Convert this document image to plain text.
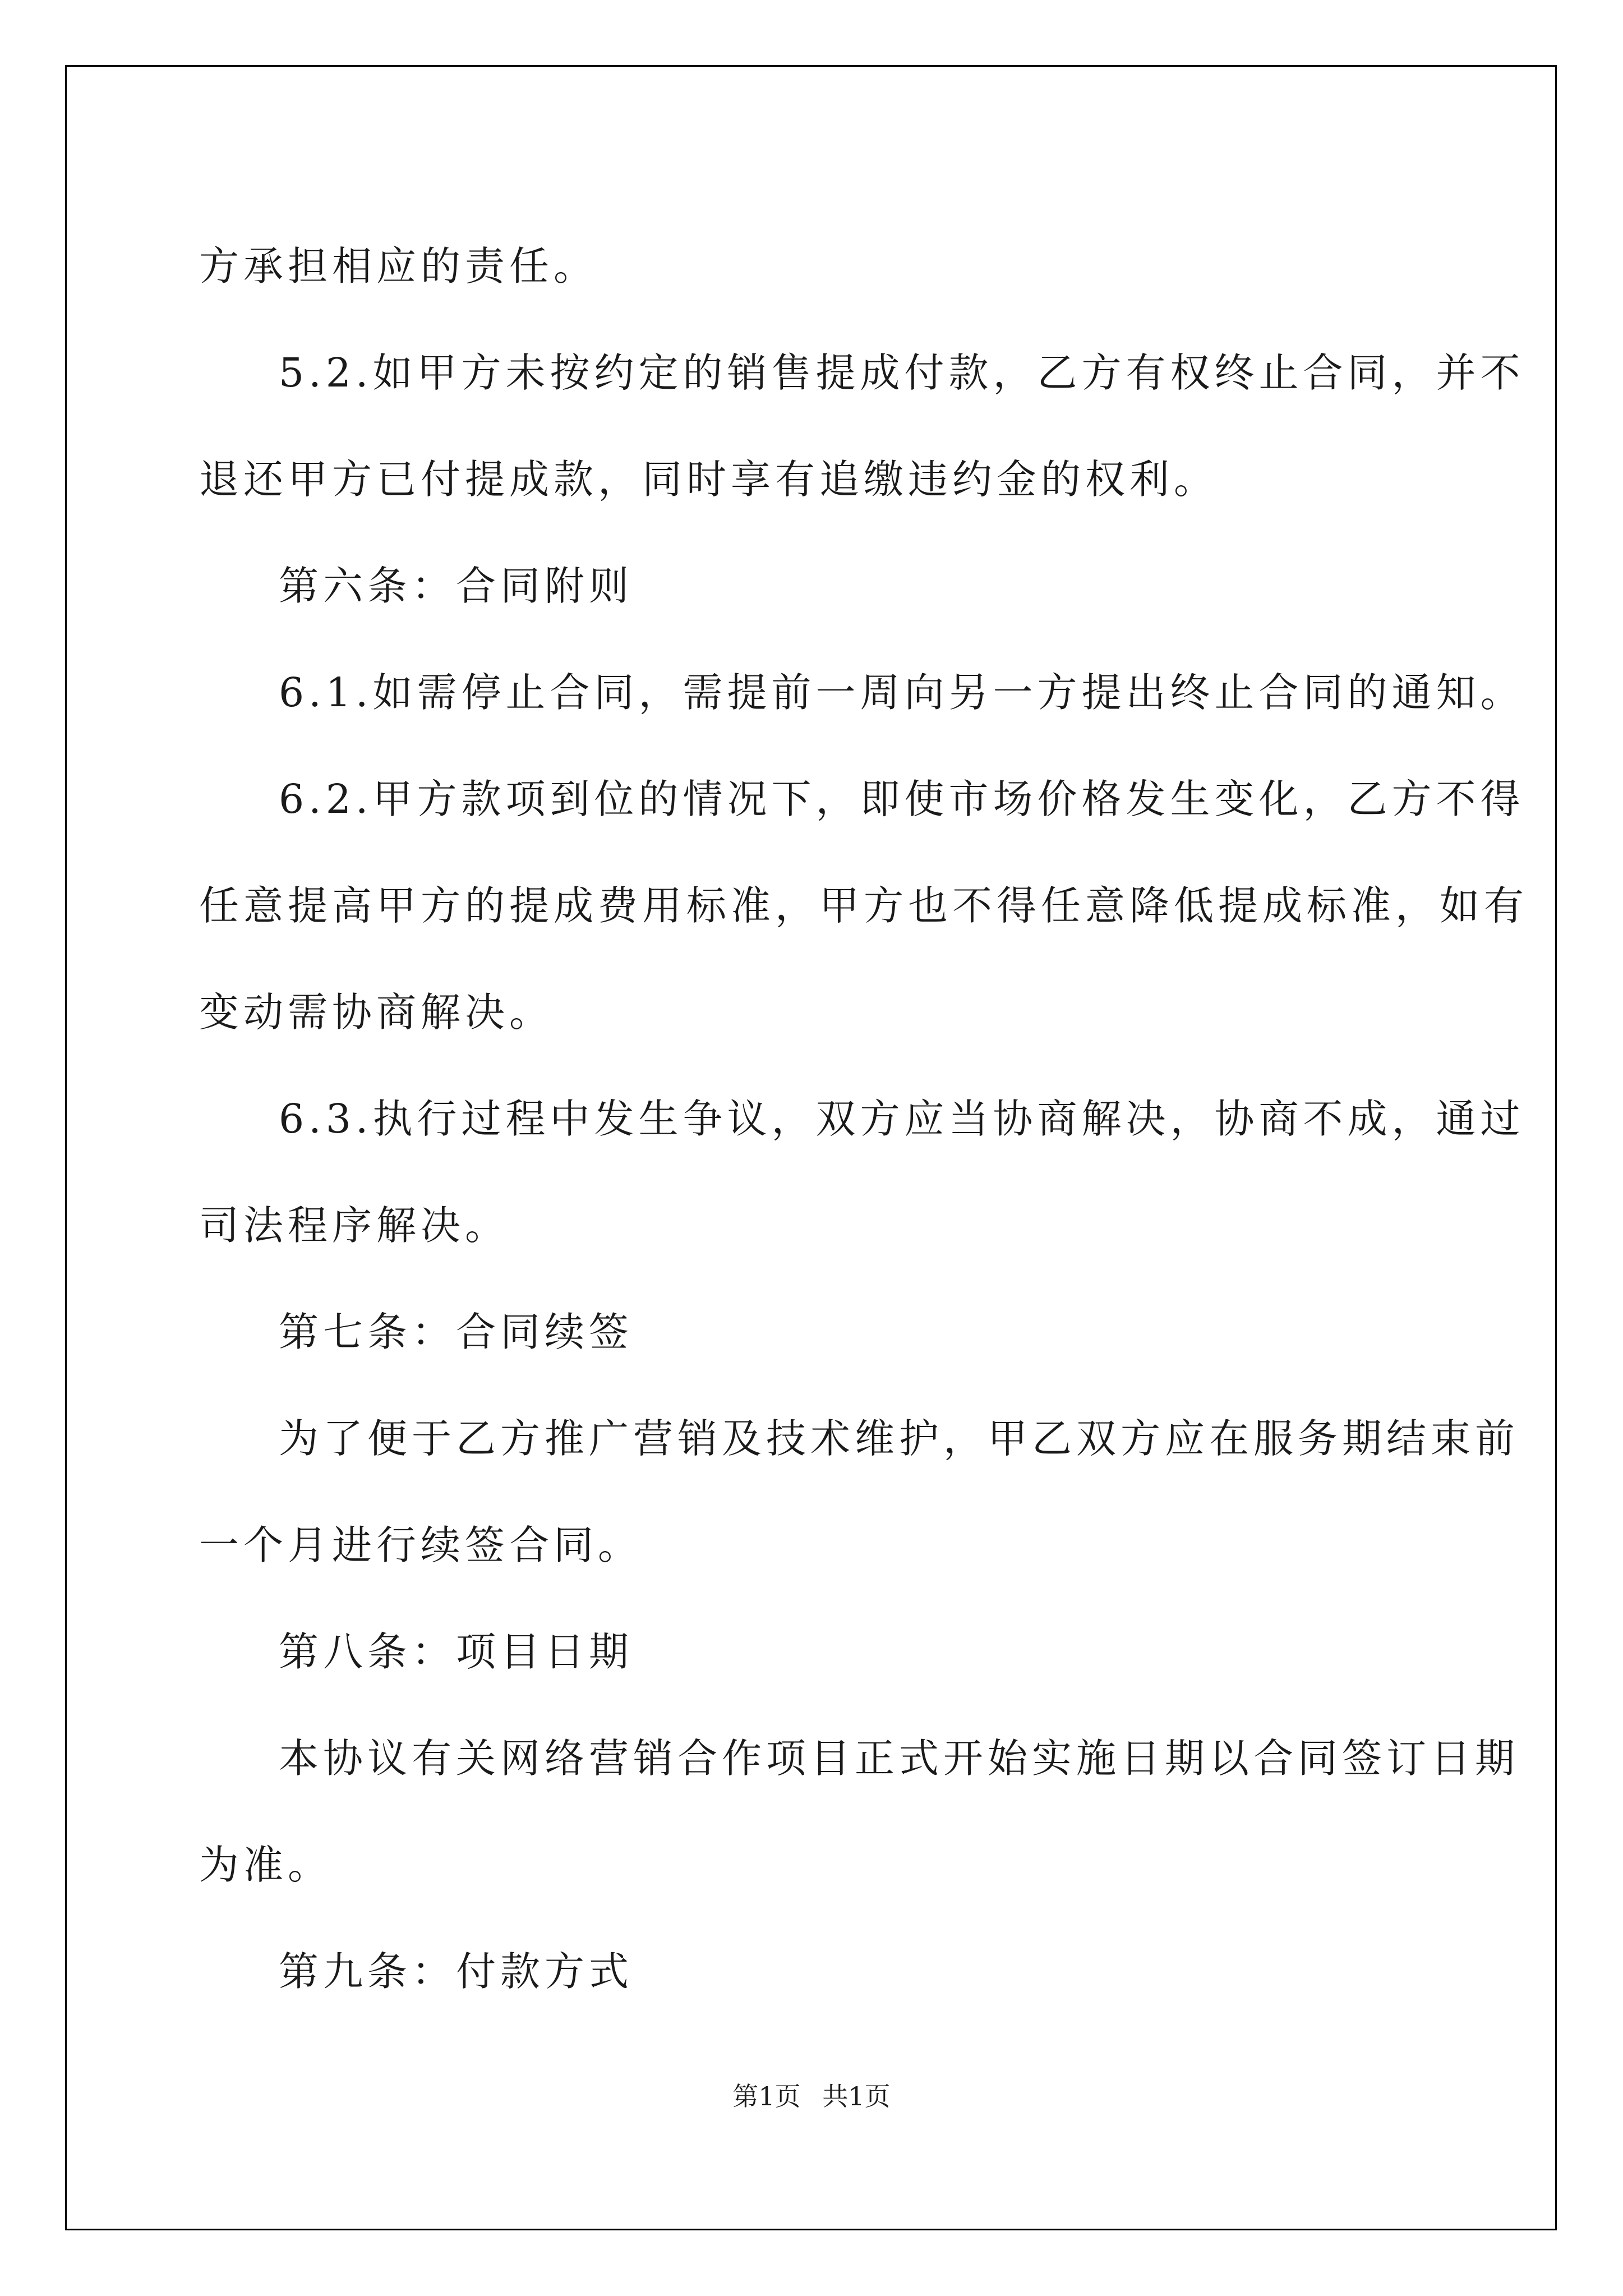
方承担相应的责任。

5.2.如甲方未按约定的销售提成付款，乙方有权终止合同，并不

退还甲方已付提成款，同时享有追缴违约金的权利。

第六条：合同附则

6.1.如需停止合同，需提前一周向另一方提出终止合同的通知。

6.2.甲方款项到位的情况下，即使市场价格发生变化，乙方不得

任意提高甲方的提成费用标准，甲方也不得任意降低提成标准，如有

变动需协商解决。

6.3.执行过程中发生争议，双方应当协商解决，协商不成，通过

司法程序解决。

第七条：合同续签

为了便于乙方推广营销及技术维护，甲乙双方应在服务期结束前

一个月进行续签合同。

第八条：项目日期

本协议有关网络营销合作项目正式开始实施日期以合同签订日期

为准。

第九条：付款方式

第1页 共1页
